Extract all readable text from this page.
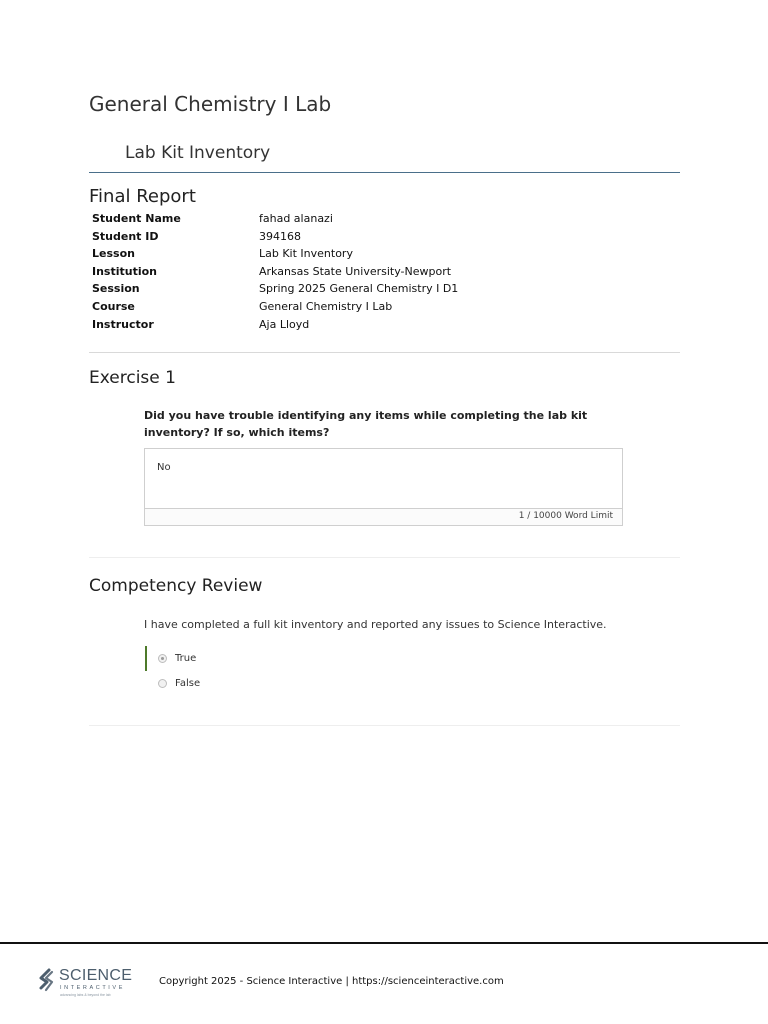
General Chemistry I Lab
Lab Kit Inventory
Final Report
Student Name	fahad alanazi
Student ID	394168
Lesson	Lab Kit Inventory
Institution	Arkansas State University-Newport
Session	Spring 2025 General Chemistry I D1
Course	General Chemistry I Lab
Instructor	Aja Lloyd
Exercise 1

Did you have trouble identifying any items while completing the lab kit inventory? If so, which items?

No
1 / 10000 Word Limit
Competency Review

I have completed a full kit inventory and reported any issues to Science Interactive.

True
False
SCIENCE
INTERACTIVE
advancing labs & beyond the lab
Copyright 2025 - Science Interactive | https://scienceinteractive.com
